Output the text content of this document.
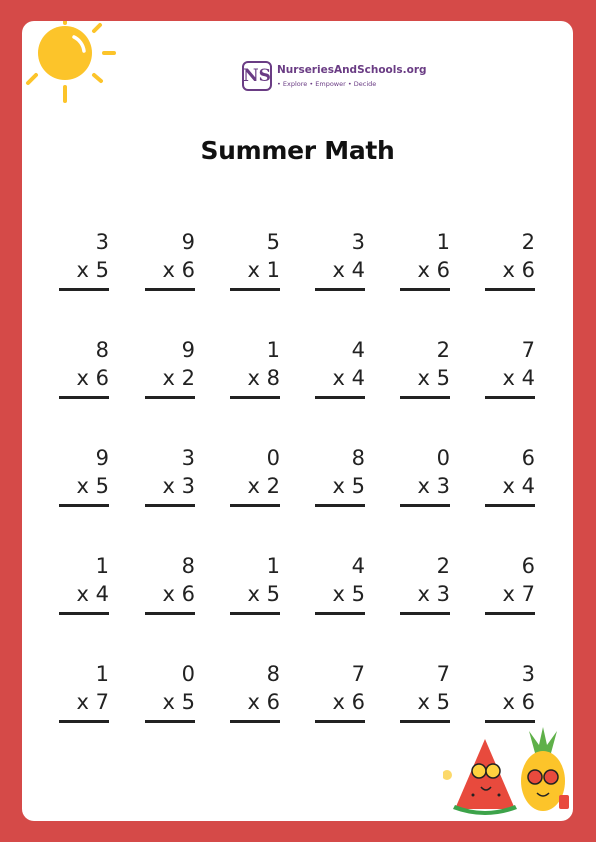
NS NurseriesAndSchools.org
• Explore • Empower • Decide
Summer Math
3
x 5
9
x 6
5
x 1
3
x 4
1
x 6
2
x 6
8
x 6
9
x 2
1
x 8
4
x 4
2
x 5
7
x 4
9
x 5
3
x 3
0
x 2
8
x 5
0
x 3
6
x 4
1
x 4
8
x 6
1
x 5
4
x 5
2
x 3
6
x 7
1
x 7
0
x 5
8
x 6
7
x 6
7
x 5
3
x 6
